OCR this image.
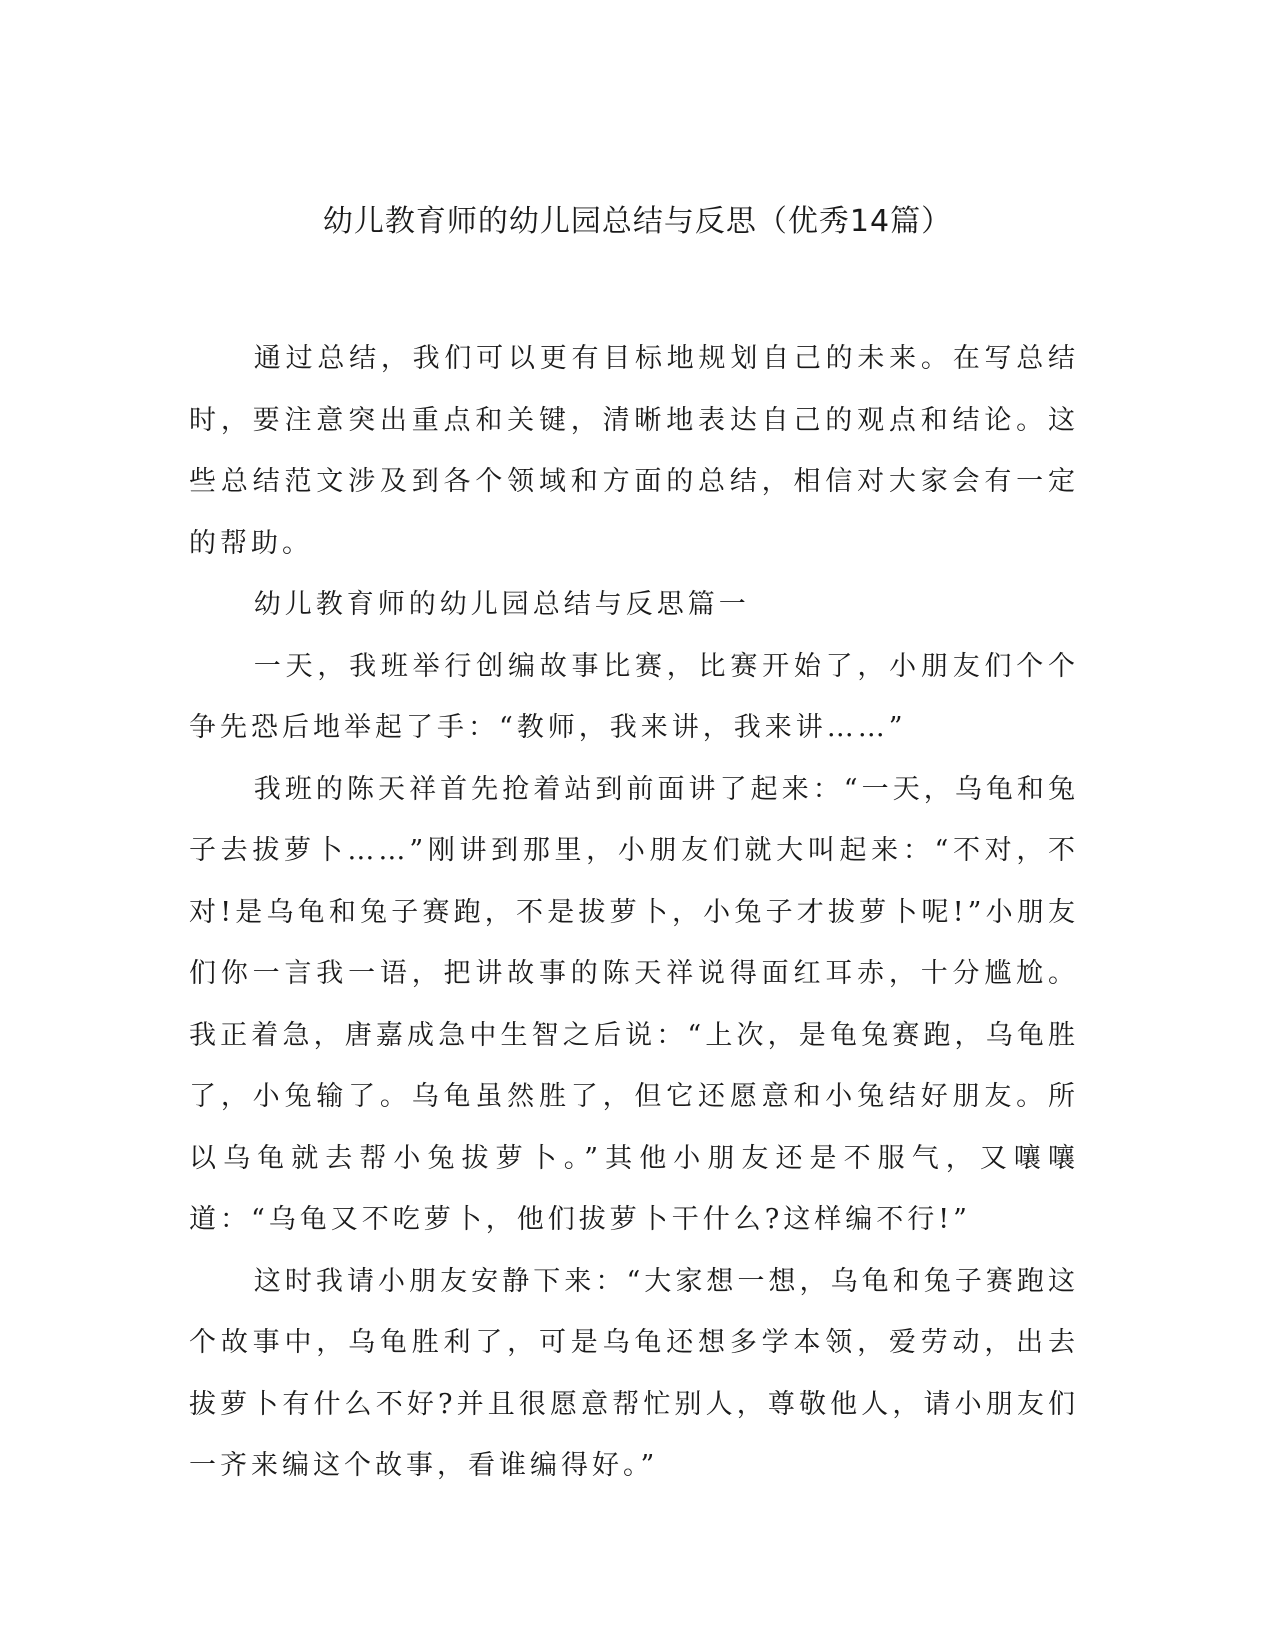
幼儿教育师的幼儿园总结与反思（优秀14篇）

通过总结，我们可以更有目标地规划自己的未来。在写总结时，要注意突出重点和关键，清晰地表达自己的观点和结论。这些总结范文涉及到各个领域和方面的总结，相信对大家会有一定的帮助。

幼儿教育师的幼儿园总结与反思篇一

一天，我班举行创编故事比赛，比赛开始了，小朋友们个个争先恐后地举起了手：“教师，我来讲，我来讲……”

我班的陈天祥首先抢着站到前面讲了起来：“一天，乌龟和兔子去拔萝卜……”刚讲到那里，小朋友们就大叫起来：“不对，不对!是乌龟和兔子赛跑，不是拔萝卜，小兔子才拔萝卜呢!”小朋友们你一言我一语，把讲故事的陈天祥说得面红耳赤，十分尴尬。我正着急，唐嘉成急中生智之后说：“上次，是龟兔赛跑，乌龟胜了，小兔输了。乌龟虽然胜了，但它还愿意和小兔结好朋友。所以乌龟就去帮小兔拔萝卜。”其他小朋友还是不服气，又嚷嚷道：“乌龟又不吃萝卜，他们拔萝卜干什么?这样编不行!”

这时我请小朋友安静下来：“大家想一想，乌龟和兔子赛跑这个故事中，乌龟胜利了，可是乌龟还想多学本领，爱劳动，出去拔萝卜有什么不好?并且很愿意帮忙别人，尊敬他人，请小朋友们一齐来编这个故事，看谁编得好。”
